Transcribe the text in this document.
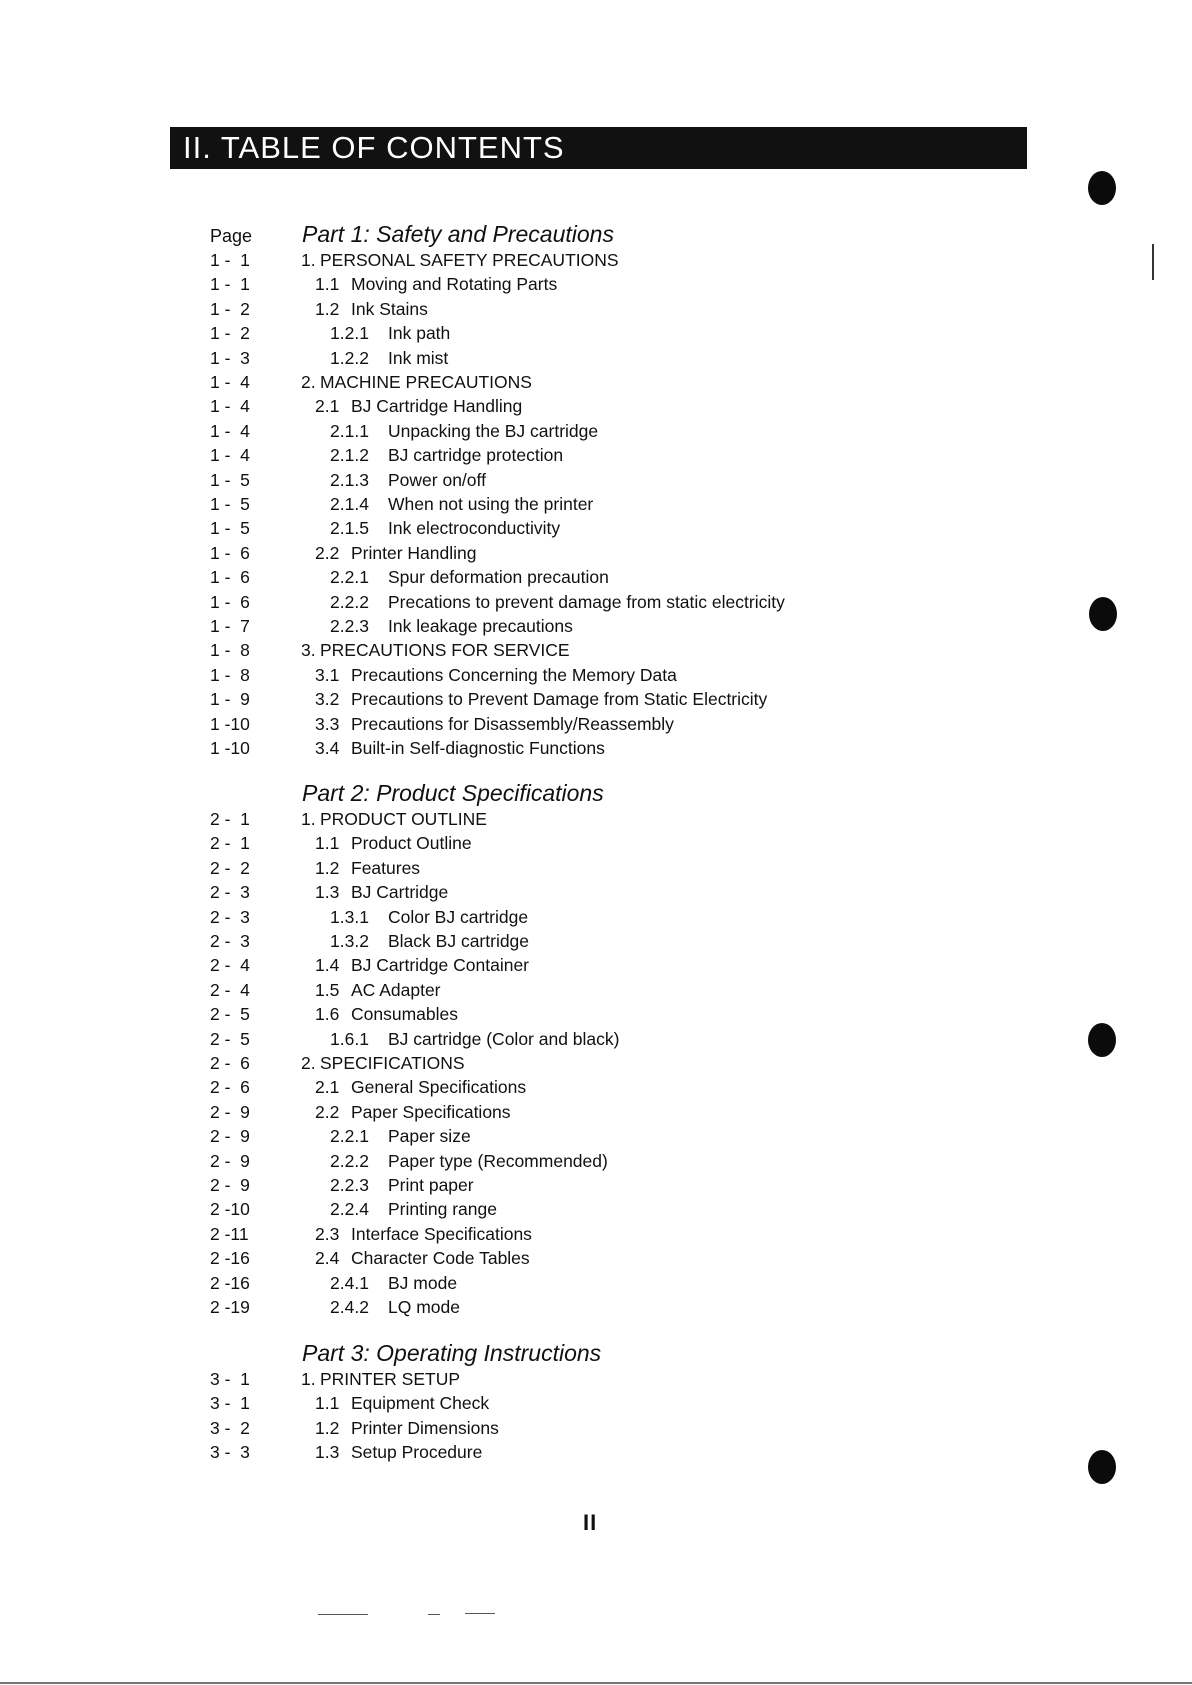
II. TABLE OF CONTENTS
Page Part 1: Safety and Precautions
1 -  1	1. PERSONAL SAFETY PRECAUTIONS
1 -  1	1.1 Moving and Rotating Parts
1 -  2	1.2 Ink Stains
1 -  2	1.2.1 Ink path
1 -  3	1.2.2 Ink mist
1 -  4	2. MACHINE PRECAUTIONS
1 -  4	2.1 BJ Cartridge Handling
1 -  4	2.1.1 Unpacking the BJ cartridge
1 -  4	2.1.2 BJ cartridge protection
1 -  5	2.1.3 Power on/off
1 -  5	2.1.4 When not using the printer
1 -  5	2.1.5 Ink electroconductivity
1 -  6	2.2 Printer Handling
1 -  6	2.2.1 Spur deformation precaution
1 -  6	2.2.2 Precations to prevent damage from static electricity
1 -  7	2.2.3 Ink leakage precautions
1 -  8	3. PRECAUTIONS FOR SERVICE
1 -  8	3.1 Precautions Concerning the Memory Data
1 -  9	3.2 Precautions to Prevent Damage from Static Electricity
1 -10	3.3 Precautions for Disassembly/Reassembly
1 -10	3.4 Built-in Self-diagnostic Functions
Part 2: Product Specifications
2 -  1	1. PRODUCT OUTLINE
2 -  1	1.1 Product Outline
2 -  2	1.2 Features
2 -  3	1.3 BJ Cartridge
2 -  3	1.3.1 Color BJ cartridge
2 -  3	1.3.2 Black BJ cartridge
2 -  4	1.4 BJ Cartridge Container
2 -  4	1.5 AC Adapter
2 -  5	1.6 Consumables
2 -  5	1.6.1 BJ cartridge (Color and black)
2 -  6	2. SPECIFICATIONS
2 -  6	2.1 General Specifications
2 -  9	2.2 Paper Specifications
2 -  9	2.2.1 Paper size
2 -  9	2.2.2 Paper type (Recommended)
2 -  9	2.2.3 Print paper
2 -10	2.2.4 Printing range
2 -11	2.3 Interface Specifications
2 -16	2.4 Character Code Tables
2 -16	2.4.1 BJ mode
2 -19	2.4.2 LQ mode
Part 3: Operating Instructions
3 -  1	1. PRINTER SETUP
3 -  1	1.1 Equipment Check
3 -  2	1.2 Printer Dimensions
3 -  3	1.3 Setup Procedure
II
